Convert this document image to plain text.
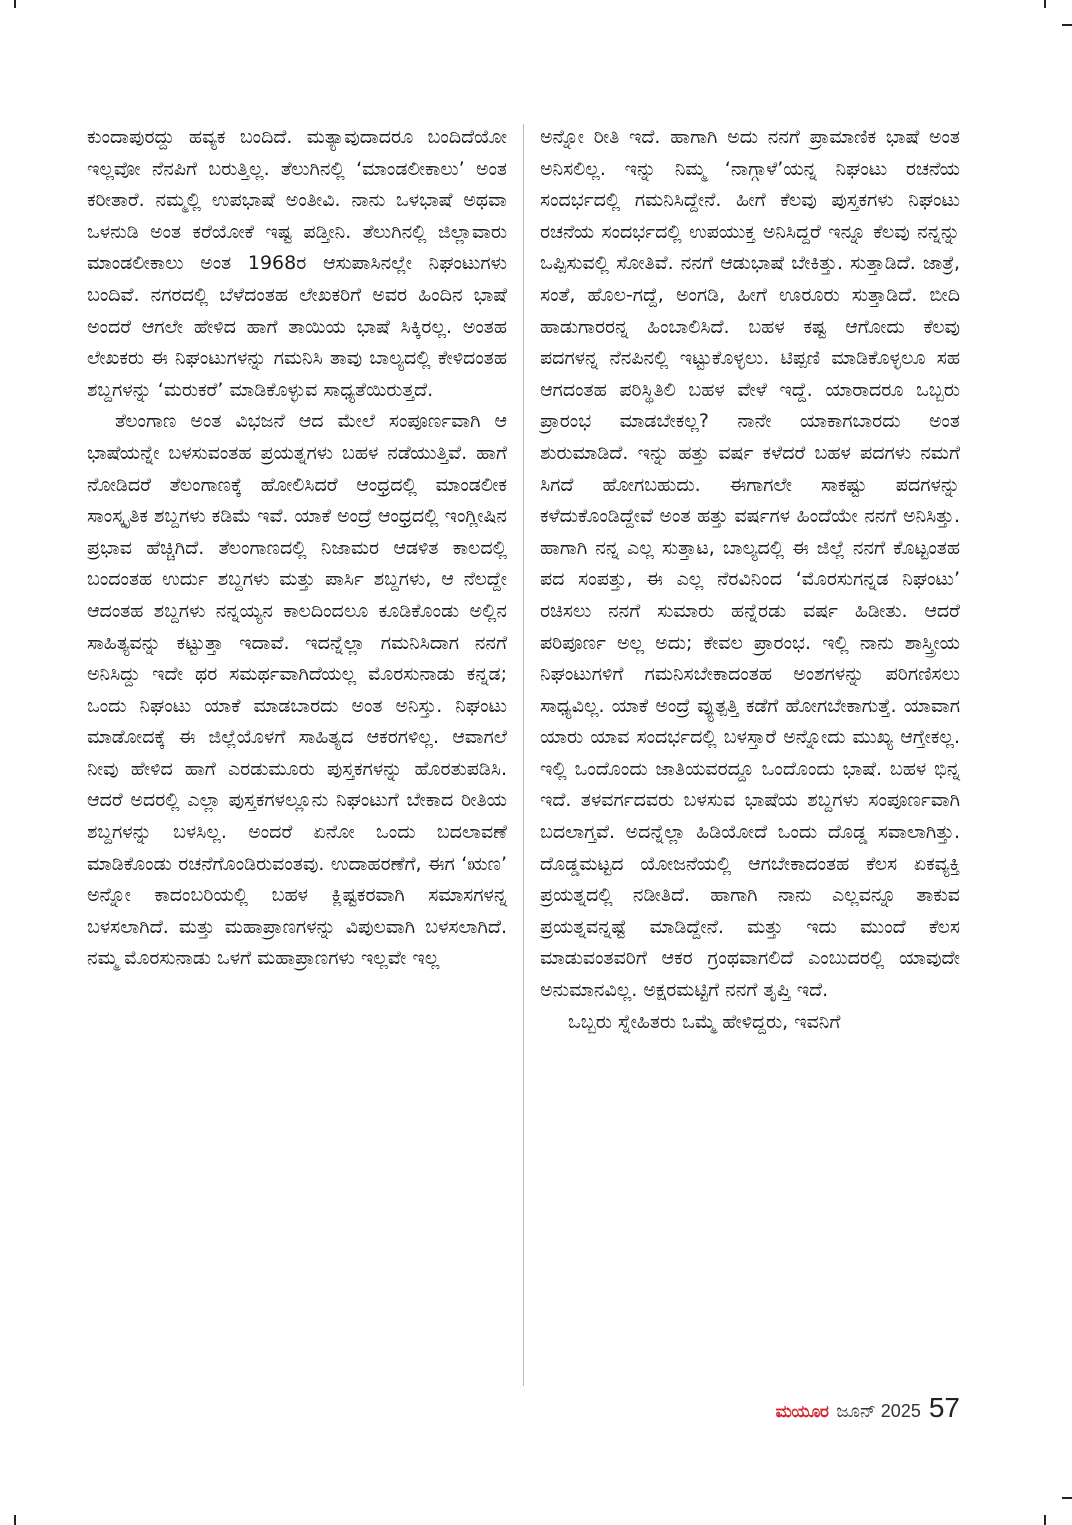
ಕುಂದಾಪುರದ್ದು ಹವ್ಯಕ ಬಂದಿದೆ. ಮತ್ಯಾವುದಾದರೂ ಬಂದಿದೆಯೋ ಇಲ್ಲವೋ ನೆನಪಿಗೆ ಬರುತ್ತಿಲ್ಲ. ತೆಲುಗಿನಲ್ಲಿ ‘ಮಾಂಡಲೀಕಾಲು’ ಅಂತ ಕರೀತಾರೆ. ನಮ್ಮಲ್ಲಿ ಉಪಭಾಷೆ ಅಂತೀವಿ. ನಾನು ಒಳಭಾಷೆ ಅಥವಾ ಒಳನುಡಿ ಅಂತ ಕರೆಯೋಕೆ ಇಷ್ಟ ಪಡ್ತೀನಿ. ತೆಲುಗಿನಲ್ಲಿ ಜಿಲ್ಲಾವಾರು ಮಾಂಡಲೀಕಾಲು ಅಂತ 1968ರ ಆಸುಪಾಸಿನಲ್ಲೇ ನಿಘಂಟುಗಳು ಬಂದಿವೆ. ನಗರದಲ್ಲಿ ಬೆಳೆದಂತಹ ಲೇಖಕರಿಗೆ ಅವರ ಹಿಂದಿನ ಭಾಷೆ ಅಂದರೆ ಆಗಲೇ ಹೇಳಿದ ಹಾಗೆ ತಾಯಿಯ ಭಾಷೆ ಸಿಕ್ಕಿರಲ್ಲ. ಅಂತಹ ಲೇಖಕರು ಈ ನಿಘಂಟುಗಳನ್ನು ಗಮನಿಸಿ ತಾವು ಬಾಲ್ಯದಲ್ಲಿ ಕೇಳಿದಂತಹ ಶಬ್ದಗಳನ್ನು ‘ಮರುಕರೆ’ ಮಾಡಿಕೊಳ್ಳುವ ಸಾಧ್ಯತೆಯಿರುತ್ತದೆ.

ತೆಲಂಗಾಣ ಅಂತ ವಿಭಜನೆ ಆದ ಮೇಲೆ ಸಂಪೂರ್ಣವಾಗಿ ಆ ಭಾಷೆಯನ್ನೇ ಬಳಸುವಂತಹ ಪ್ರಯತ್ನಗಳು ಬಹಳ ನಡೆಯುತ್ತಿವೆ. ಹಾಗೆ ನೋಡಿದರೆ ತೆಲಂಗಾಣಕ್ಕೆ ಹೋಲಿಸಿದರೆ ಆಂಧ್ರದಲ್ಲಿ ಮಾಂಡಲೀಕ ಸಾಂಸ್ಕೃತಿಕ ಶಬ್ದಗಳು ಕಡಿಮೆ ಇವೆ. ಯಾಕೆ ಅಂದ್ರೆ ಆಂಧ್ರದಲ್ಲಿ ಇಂಗ್ಲೀಷಿನ ಪ್ರಭಾವ ಹೆಚ್ಚಿಗಿದೆ. ತೆಲಂಗಾಣದಲ್ಲಿ ನಿಜಾಮರ ಆಡಳಿತ ಕಾಲದಲ್ಲಿ ಬಂದಂತಹ ಉರ್ದು ಶಬ್ದಗಳು ಮತ್ತು ಪಾರ್ಸಿ ಶಬ್ದಗಳು, ಆ ನೆಲದ್ದೇ ಆದಂತಹ ಶಬ್ದಗಳು ನನ್ನಯ್ಯನ ಕಾಲದಿಂದಲೂ ಕೂಡಿಕೊಂಡು ಅಲ್ಲಿನ ಸಾಹಿತ್ಯವನ್ನು ಕಟ್ಟುತ್ತಾ ಇದಾವೆ. ಇದನ್ನೆಲ್ಲಾ ಗಮನಿಸಿದಾಗ ನನಗೆ ಅನಿಸಿದ್ದು ಇದೇ ಥರ ಸಮರ್ಥವಾಗಿದೆಯಲ್ಲ ಮೊರಸುನಾಡು ಕನ್ನಡ; ಒಂದು ನಿಘಂಟು ಯಾಕೆ ಮಾಡಬಾರದು ಅಂತ ಅನಿಸ್ತು. ನಿಘಂಟು ಮಾಡೋದಕ್ಕೆ ಈ ಜಿಲ್ಲೆಯೊಳಗೆ ಸಾಹಿತ್ಯದ ಆಕರಗಳಿಲ್ಲ. ಆವಾಗಲೆ ನೀವು ಹೇಳಿದ ಹಾಗೆ ಎರಡುಮೂರು ಪುಸ್ತಕಗಳನ್ನು ಹೊರತುಪಡಿಸಿ. ಆದರೆ ಅದರಲ್ಲಿ ಎಲ್ಲಾ ಪುಸ್ತಕಗಳಲ್ಲೂನು ನಿಘಂಟುಗೆ ಬೇಕಾದ ರೀತಿಯ ಶಬ್ದಗಳನ್ನು ಬಳಸಿಲ್ಲ. ಅಂದರೆ ಏನೋ ಒಂದು ಬದಲಾವಣೆ ಮಾಡಿಕೊಂಡು ರಚನೆಗೊಂಡಿರುವಂತವು. ಉದಾಹರಣೆಗೆ, ಈಗ ‘ಋಣ’ ಅನ್ನೋ ಕಾದಂಬರಿಯಲ್ಲಿ ಬಹಳ ಕ್ಲಿಷ್ಟಕರವಾಗಿ ಸಮಾಸಗಳನ್ನ ಬಳಸಲಾಗಿದೆ. ಮತ್ತು ಮಹಾಪ್ರಾಣಗಳನ್ನು ವಿಪುಲವಾಗಿ ಬಳಸಲಾಗಿದೆ. ನಮ್ಮ ಮೊರಸುನಾಡು ಒಳಗೆ ಮಹಾಪ್ರಾಣಗಳು ಇಲ್ಲವೇ ಇಲ್ಲ

ಅನ್ನೋ ರೀತಿ ಇದೆ. ಹಾಗಾಗಿ ಅದು ನನಗೆ ಪ್ರಾಮಾಣಿಕ ಭಾಷೆ ಅಂತ ಅನಿಸಲಿಲ್ಲ. ಇನ್ನು ನಿಮ್ಮ ‘ನಾಗ್ಗಾಳೆ’ಯನ್ನ ನಿಘಂಟು ರಚನೆಯ ಸಂದರ್ಭದಲ್ಲಿ ಗಮನಿಸಿದ್ದೇನೆ. ಹೀಗೆ ಕೆಲವು ಪುಸ್ತಕಗಳು ನಿಘಂಟು ರಚನೆಯ ಸಂದರ್ಭದಲ್ಲಿ ಉಪಯುಕ್ತ ಅನಿಸಿದ್ದರೆ ಇನ್ನೂ ಕೆಲವು ನನ್ನನ್ನು ಒಪ್ಪಿಸುವಲ್ಲಿ ಸೋತಿವೆ. ನನಗೆ ಆಡುಭಾಷೆ ಬೇಕಿತ್ತು. ಸುತ್ತಾಡಿದೆ. ಜಾತ್ರೆ, ಸಂತೆ, ಹೊಲ-ಗದ್ದೆ, ಅಂಗಡಿ, ಹೀಗೆ ಊರೂರು ಸುತ್ತಾಡಿದೆ. ಬೀದಿ ಹಾಡುಗಾರರನ್ನ ಹಿಂಬಾಲಿಸಿದೆ. ಬಹಳ ಕಷ್ಟ ಆಗೋದು ಕೆಲವು ಪದಗಳನ್ನ ನೆನಪಿನಲ್ಲಿ ಇಟ್ಟುಕೊಳ್ಳಲು. ಟಿಪ್ಪಣಿ ಮಾಡಿಕೊಳ್ಳಲೂ ಸಹ ಆಗದಂತಹ ಪರಿಸ್ಥಿತಿಲಿ ಬಹಳ ವೇಳೆ ಇದ್ದೆ. ಯಾರಾದರೂ ಒಬ್ಬರು ಪ್ರಾರಂಭ ಮಾಡಬೇಕಲ್ಲ? ನಾನೇ ಯಾಕಾಗಬಾರದು ಅಂತ ಶುರುಮಾಡಿದೆ. ಇನ್ನು ಹತ್ತು ವರ್ಷ ಕಳೆದರೆ ಬಹಳ ಪದಗಳು ನಮಗೆ ಸಿಗದೆ ಹೋಗಬಹುದು. ಈಗಾಗಲೇ ಸಾಕಷ್ಟು ಪದಗಳನ್ನು ಕಳೆದುಕೊಂಡಿದ್ದೇವೆ ಅಂತ ಹತ್ತು ವರ್ಷಗಳ ಹಿಂದೆಯೇ ನನಗೆ ಅನಿಸಿತ್ತು. ಹಾಗಾಗಿ ನನ್ನ ಎಲ್ಲ ಸುತ್ತಾಟ, ಬಾಲ್ಯದಲ್ಲಿ ಈ ಜಿಲ್ಲೆ ನನಗೆ ಕೊಟ್ಟಂತಹ ಪದ ಸಂಪತ್ತು, ಈ ಎಲ್ಲ ನೆರವಿನಿಂದ ‘ಮೊರಸುಗನ್ನಡ ನಿಘಂಟು’ ರಚಿಸಲು ನನಗೆ ಸುಮಾರು ಹನ್ನೆರಡು ವರ್ಷ ಹಿಡೀತು. ಆದರೆ ಪರಿಪೂರ್ಣ ಅಲ್ಲ ಅದು; ಕೇವಲ ಪ್ರಾರಂಭ. ಇಲ್ಲಿ ನಾನು ಶಾಸ್ತ್ರೀಯ ನಿಘಂಟುಗಳಿಗೆ ಗಮನಿಸಬೇಕಾದಂತಹ ಅಂಶಗಳನ್ನು ಪರಿಗಣಿಸಲು ಸಾಧ್ಯವಿಲ್ಲ. ಯಾಕೆ ಅಂದ್ರೆ ವ್ಯುತ್ಪತ್ತಿ ಕಡೆಗೆ ಹೋಗಬೇಕಾಗುತ್ತೆ. ಯಾವಾಗ ಯಾರು ಯಾವ ಸಂದರ್ಭದಲ್ಲಿ ಬಳಸ್ತಾರೆ ಅನ್ನೋದು ಮುಖ್ಯ ಆಗ್ತೇಕಲ್ಲ. ಇಲ್ಲಿ ಒಂದೊಂದು ಜಾತಿಯವರದ್ದೂ ಒಂದೊಂದು ಭಾಷೆ. ಬಹಳ ಭಿನ್ನ ಇದೆ. ತಳವರ್ಗದವರು ಬಳಸುವ ಭಾಷೆಯ ಶಬ್ದಗಳು ಸಂಪೂರ್ಣವಾಗಿ ಬದಲಾಗ್ತವೆ. ಅದನ್ನೆಲ್ಲಾ ಹಿಡಿಯೋದೆ ಒಂದು ದೊಡ್ಡ ಸವಾಲಾಗಿತ್ತು. ದೊಡ್ಡಮಟ್ಟದ ಯೋಜನೆಯಲ್ಲಿ ಆಗಬೇಕಾದಂತಹ ಕೆಲಸ ಏಕವ್ಯಕ್ತಿ ಪ್ರಯತ್ನದಲ್ಲಿ ನಡೀತಿದೆ. ಹಾಗಾಗಿ ನಾನು ಎಲ್ಲವನ್ನೂ ತಾಕುವ ಪ್ರಯತ್ನವನ್ನಷ್ಟೆ ಮಾಡಿದ್ದೇನೆ. ಮತ್ತು ಇದು ಮುಂದೆ ಕೆಲಸ ಮಾಡುವಂತವರಿಗೆ ಆಕರ ಗ್ರಂಥವಾಗಲಿದೆ ಎಂಬುದರಲ್ಲಿ ಯಾವುದೇ ಅನುಮಾನವಿಲ್ಲ. ಅಕ್ಷರಮಟ್ಟಿಗೆ ನನಗೆ ತೃಪ್ತಿ ಇದೆ.

ಒಬ್ಬರು ಸ್ನೇಹಿತರು ಒಮ್ಮೆ ಹೇಳಿದ್ದರು, ಇವನಿಗೆ

ಮಯೂರ ಜೂನ್ 2025 57
